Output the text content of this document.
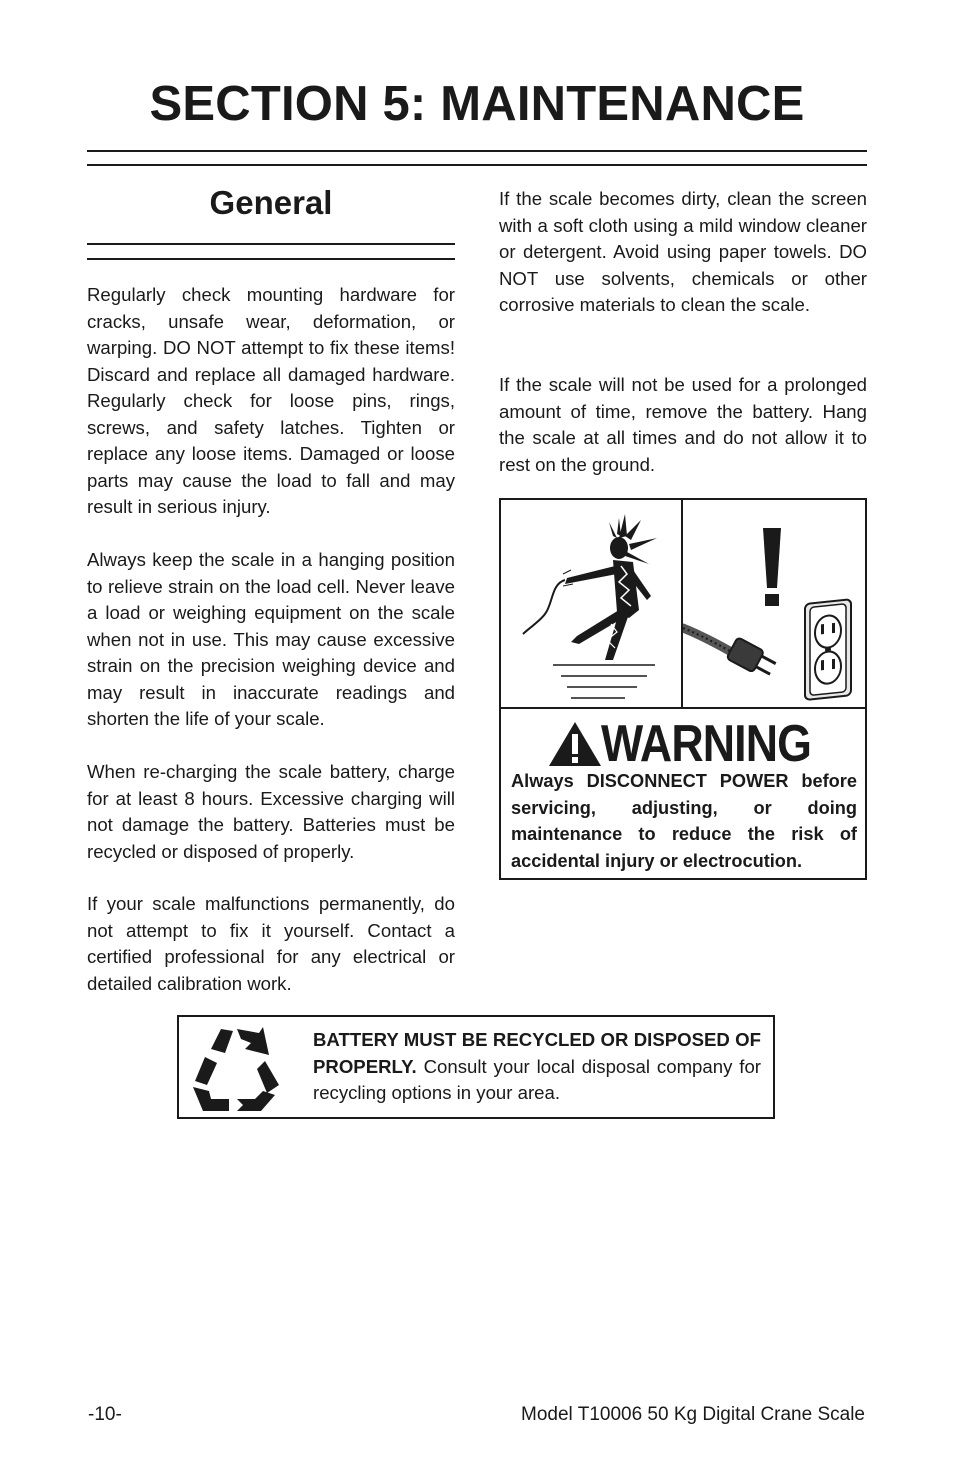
SECTION 5: MAINTENANCE
General

Regularly check mounting hardware for cracks, unsafe wear, deformation, or warping. DO NOT attempt to fix these items! Discard and replace all damaged hardware. Regularly check for loose pins, rings, screws, and safety latches. Tighten or replace any loose items. Damaged or loose parts may cause the load to fall and may result in serious injury.

Always keep the scale in a hanging position to relieve strain on the load cell. Never leave a load or weighing equipment on the scale when not in use. This may cause excessive strain on the precision weighing device and may result in inaccurate readings and shorten the life of your scale.

When re-charging the scale battery, charge for at least 8 hours. Excessive charging will not damage the battery. Batteries must be recycled or disposed of properly.

If your scale malfunctions permanently, do not attempt to fix it yourself. Contact a certified professional for any electrical or detailed calibration work.

If the scale becomes dirty, clean the screen with a soft cloth using a mild window cleaner or detergent. Avoid using paper towels. DO NOT use solvents, chemicals or other corrosive materials to clean the scale.

If the scale will not be used for a prolonged amount of time, remove the battery. Hang the scale at all times and do not allow it to rest on the ground.

WARNING

Always DISCONNECT POWER before servicing, adjusting, or doing maintenance to reduce the risk of accidental injury or electrocution.

BATTERY MUST BE RECYCLED OR DISPOSED OF PROPERLY. Consult your local disposal company for recycling options in your area.

-10-	Model T10006 50 Kg Digital Crane Scale
